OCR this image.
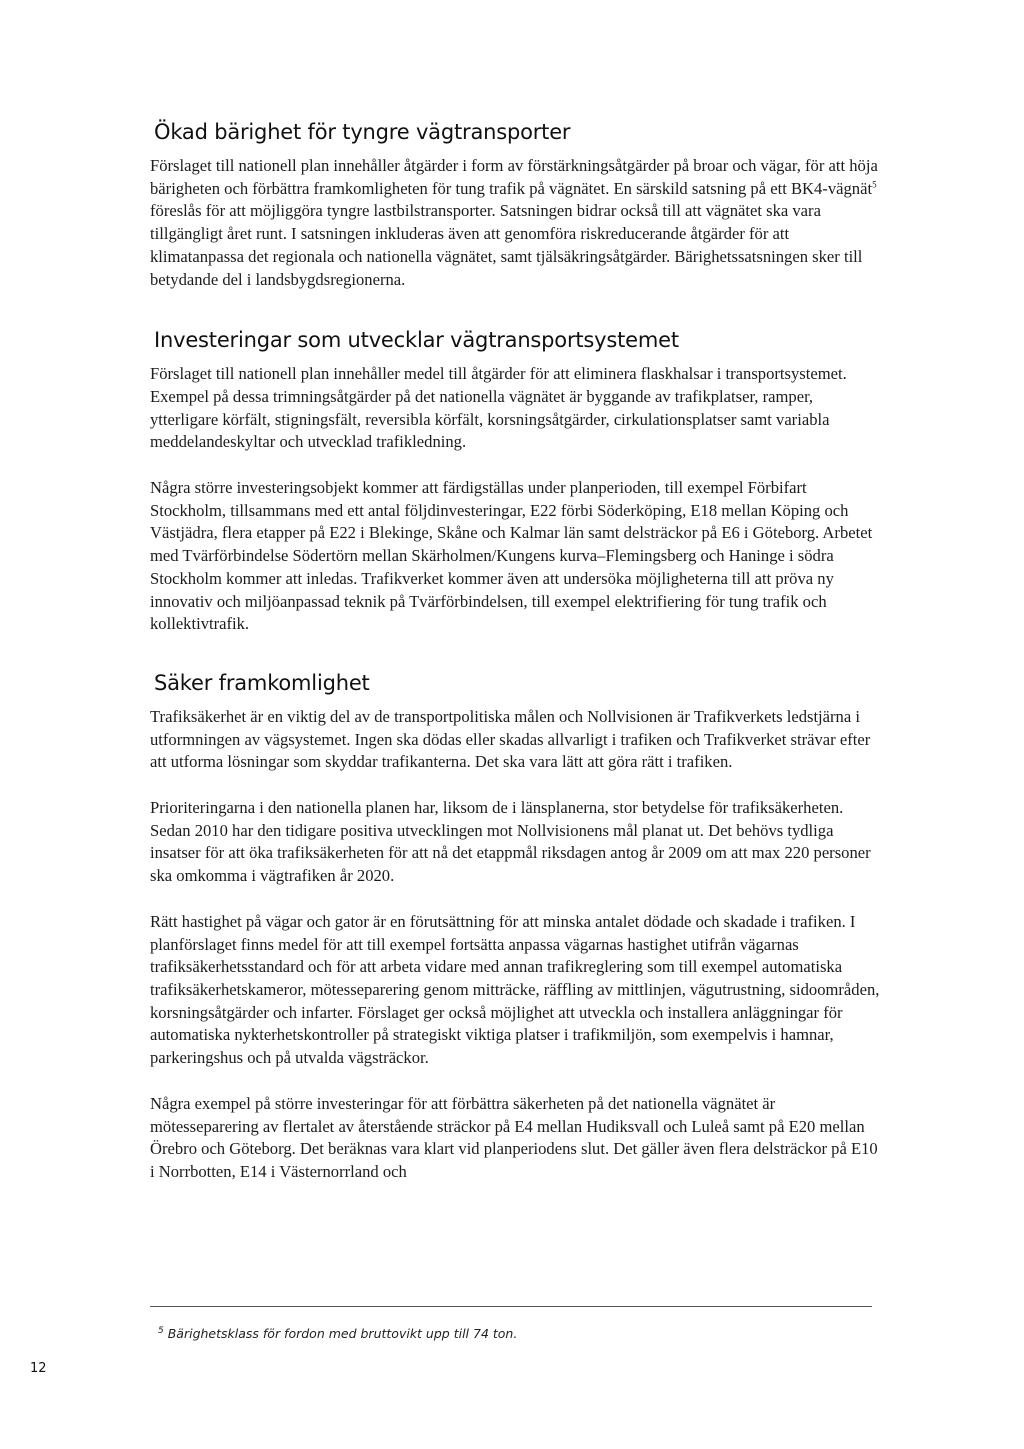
Ökad bärighet för tyngre vägtransporter

Förslaget till nationell plan innehåller åtgärder i form av förstärkningsåtgärder på broar och vägar, för att höja bärigheten och förbättra framkomligheten för tung trafik på vägnätet. En särskild satsning på ett BK4-vägnät$^5$ föreslås för att möjliggöra tyngre lastbilstransporter. Satsningen bidrar också till att vägnätet ska vara tillgängligt året runt. I satsningen inkluderas även att genomföra riskreducerande åtgärder för att klimatanpassa det regionala och nationella vägnätet, samt tjälsäkringsåtgärder. Bärighetssatsningen sker till betydande del i landsbygdsregionerna.

Investeringar som utvecklar vägtransportsystemet

Förslaget till nationell plan innehåller medel till åtgärder för att eliminera flaskhalsar i transportsystemet. Exempel på dessa trimningsåtgärder på det nationella vägnätet är byggande av trafikplatser, ramper, ytterligare körfält, stigningsfält, reversibla körfält, korsningsåtgärder, cirkulationsplatser samt variabla meddelandeskyltar och utvecklad trafikledning.

Några större investeringsobjekt kommer att färdigställas under planperioden, till exempel Förbifart Stockholm, tillsammans med ett antal följdinvesteringar, E22 förbi Söderköping, E18 mellan Köping och Västjädra, flera etapper på E22 i Blekinge, Skåne och Kalmar län samt delsträckor på E6 i Göteborg. Arbetet med Tvärförbindelse Södertörn mellan Skärholmen/Kungens kurva–Flemingsberg och Haninge i södra Stockholm kommer att inledas. Trafikverket kommer även att undersöka möjligheterna till att pröva ny innovativ och miljöanpassad teknik på Tvärförbindelsen, till exempel elektrifiering för tung trafik och kollektivtrafik.

Säker framkomlighet

Trafiksäkerhet är en viktig del av de transportpolitiska målen och Nollvisionen är Trafikverkets ledstjärna i utformningen av vägsystemet. Ingen ska dödas eller skadas allvarligt i trafiken och Trafikverket strävar efter att utforma lösningar som skyddar trafikanterna. Det ska vara lätt att göra rätt i trafiken.

Prioriteringarna i den nationella planen har, liksom de i länsplanerna, stor betydelse för trafiksäkerheten. Sedan 2010 har den tidigare positiva utvecklingen mot Nollvisionens mål planat ut. Det behövs tydliga insatser för att öka trafiksäkerheten för att nå det etappmål riksdagen antog år 2009 om att max 220 personer ska omkomma i vägtrafiken år 2020.

Rätt hastighet på vägar och gator är en förutsättning för att minska antalet dödade och skadade i trafiken. I planförslaget finns medel för att till exempel fortsätta anpassa vägarnas hastighet utifrån vägarnas trafiksäkerhetsstandard och för att arbeta vidare med annan trafikreglering som till exempel automatiska trafiksäkerhetskameror, mötesseparering genom mitträcke, räffling av mittlinjen, vägutrustning, sidoområden, korsningsåtgärder och infarter. Förslaget ger också möjlighet att utveckla och installera anläggningar för automatiska nykterhetskontroller på strategiskt viktiga platser i trafikmiljön, som exempelvis i hamnar, parkeringshus och på utvalda vägsträckor.

Några exempel på större investeringar för att förbättra säkerheten på det nationella vägnätet är mötesseparering av flertalet av återstående sträckor på E4 mellan Hudiksvall och Luleå samt på E20 mellan Örebro och Göteborg. Det beräknas vara klart vid planperiodens slut. Det gäller även flera delsträckor på E10 i Norrbotten, E14 i Västernorrland och

$^5$ Bärighetsklass för fordon med bruttovikt upp till 74 ton.
12
